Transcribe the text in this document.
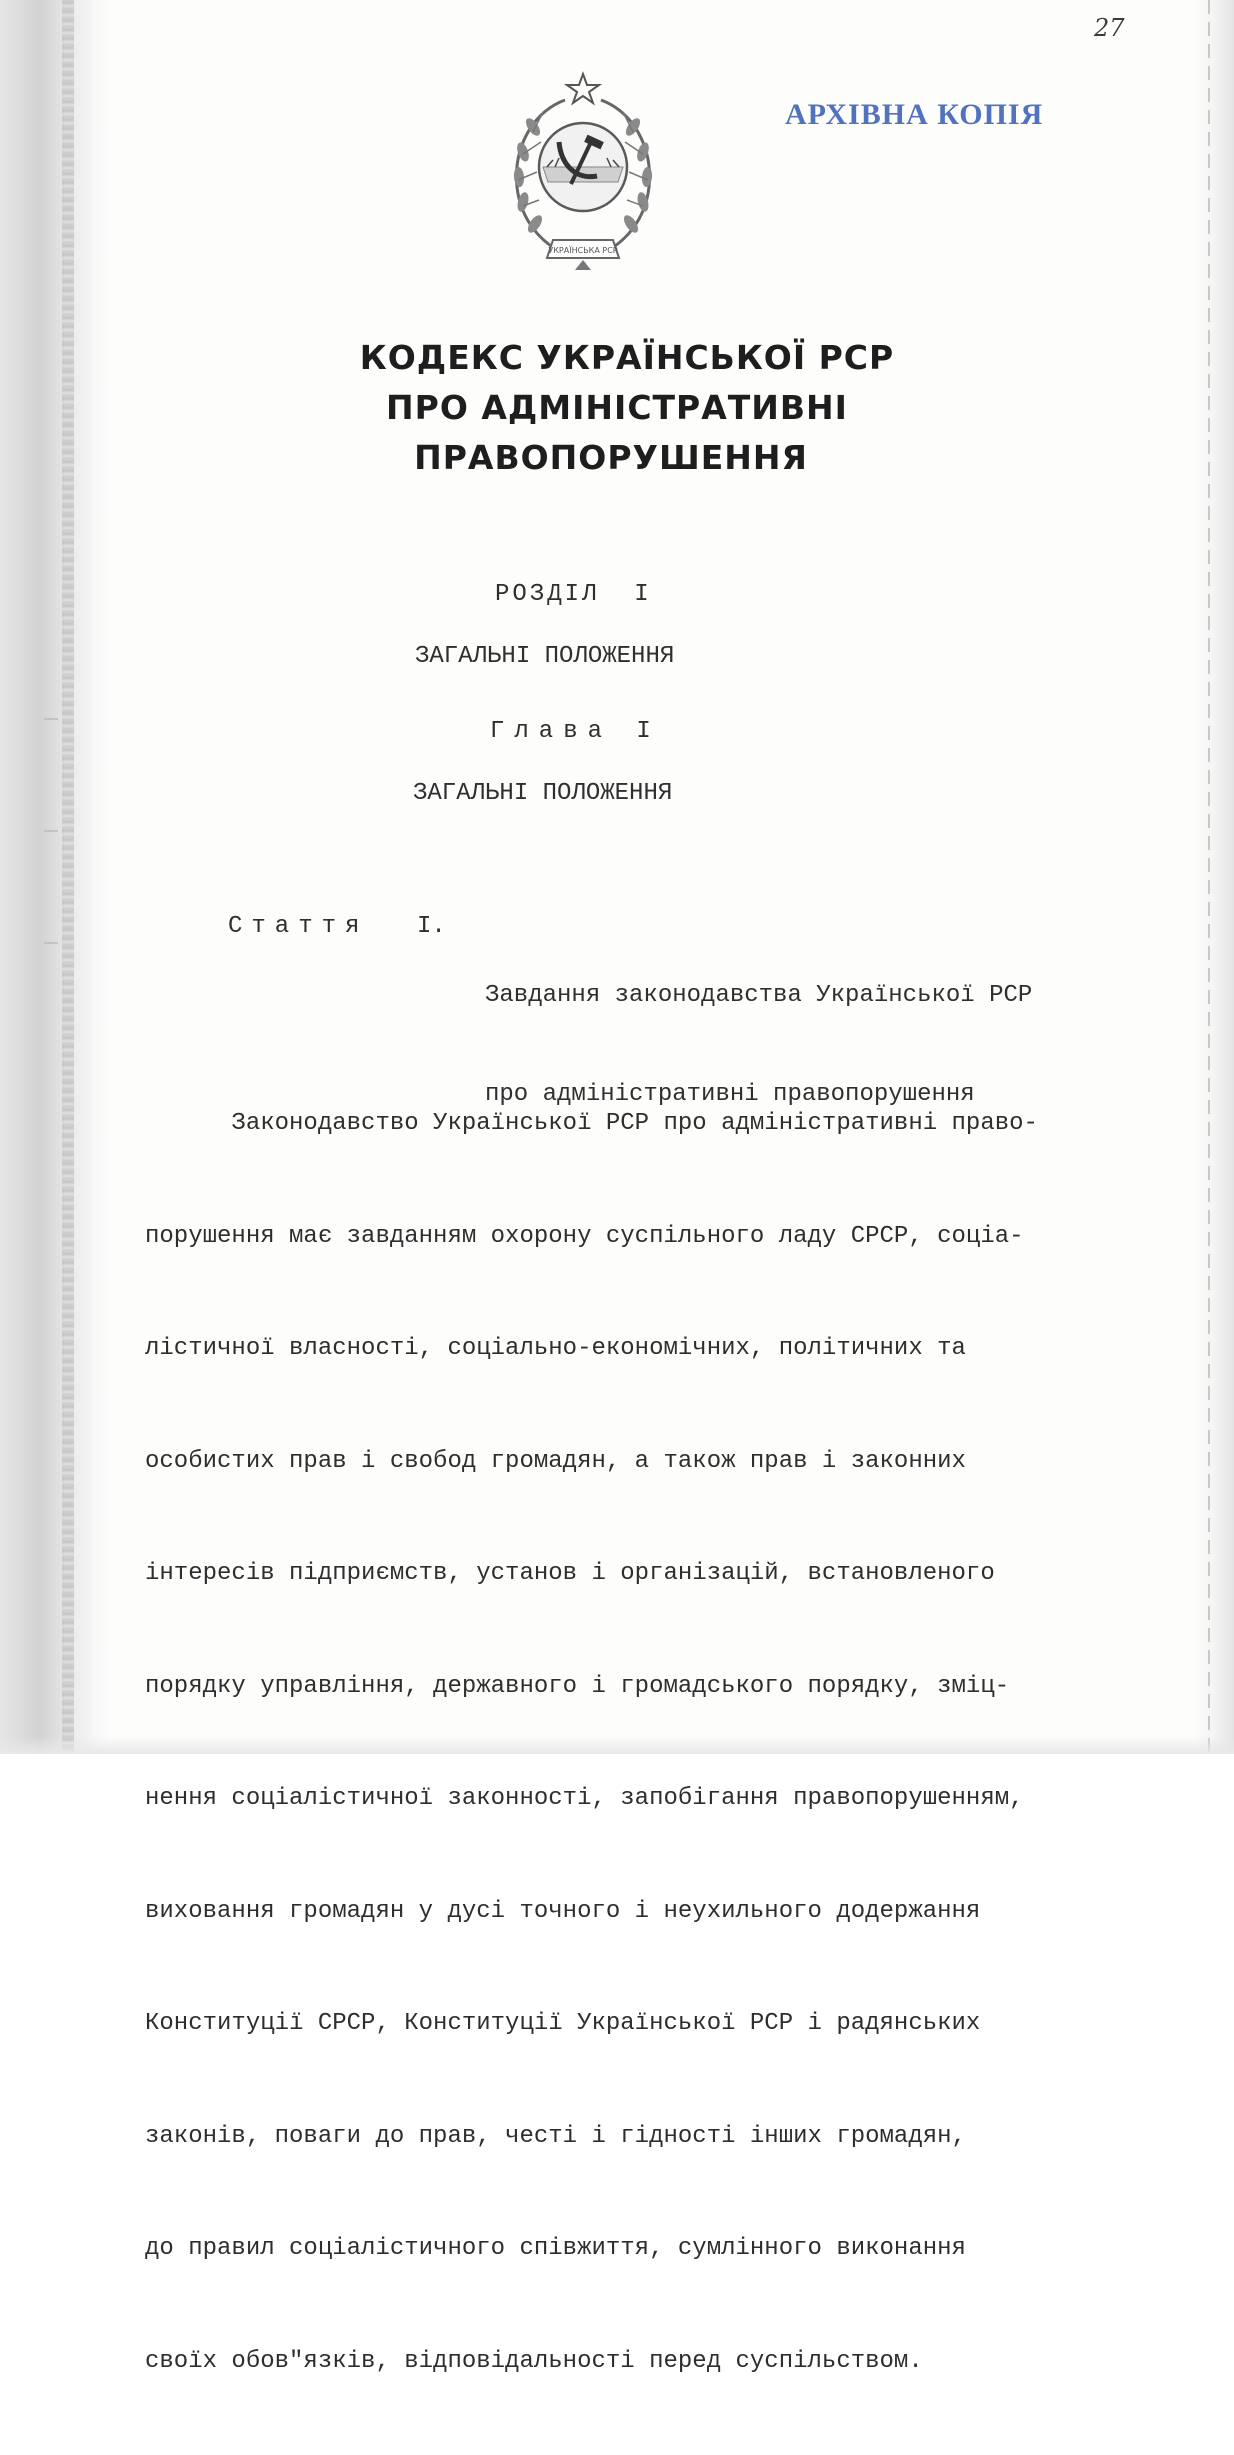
27
АРХІВНА КОПІЯ
УКРАЇНСЬКА РСР
КОДЕКС УКРАЇНСЬКОЇ РСР
ПРО АДМІНІСТРАТИВНІ
ПРАВОПОРУШЕННЯ
РОЗДІЛ  I
ЗАГАЛЬНІ ПОЛОЖЕННЯ
Глава I
ЗАГАЛЬНІ ПОЛОЖЕННЯ
Стаття I.

Завдання законодавства Української РСР

про адміністративні правопорушення

Законодавство Української РСР про адміністративні право-

порушення має завданням охорону суспільного ладу СРСР, соціа-

лістичної власності, соціально-економічних, політичних та

особистих прав і свобод громадян, а також прав і законних

інтересів підприємств, установ і організацій, встановленого

порядку управління, державного і громадського порядку, зміц-

нення соціалістичної законності, запобігання правопорушенням,

виховання громадян у дусі точного і неухильного додержання

Конституції СРСР, Конституції Української РСР і радянських

законів, поваги до прав, честі і гідності інших громадян,

до правил соціалістичного співжиття, сумлінного виконання

своїх обов"язків, відповідальності перед суспільством.
